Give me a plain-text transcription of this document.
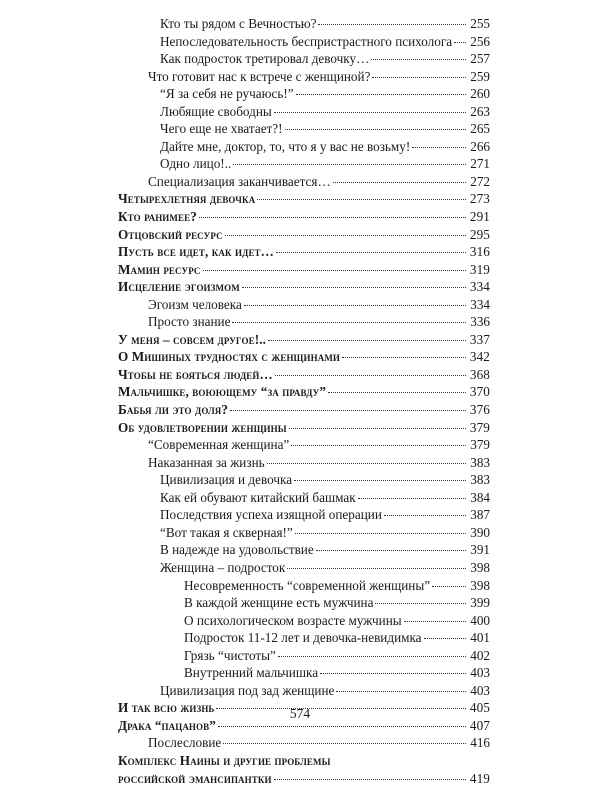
Кто ты рядом с Вечностью?	255
Непоследовательность беспристрастного психолога 256
Как подросток третировал девочку…	257
Что готовит нас к встрече с женщиной?	259
“Я за себя не ручаюсь!”	260
Любящие свободны	263
Чего еще не хватает?!	265
Дайте мне, доктор, то, что я у вас не возьму!	266
Одно лицо!..	271
Специализация заканчивается…	272
Четырехлетняя девочка	273
Кто ранимее?	291
Отцовский ресурс	295
Пусть все идет, как идет…	316
Мамин ресурс	319
Исцеление эгоизмом	334
Эгоизм человека	334
Просто знание	336
У меня – совсем другое!..	337
О Мишиных трудностях с женщинами	342
Чтобы не бояться людей…	368
Мальчишке, воюющему “за правду”	370
Бабья ли это доля?	376
Об удовлетворении женщины	379
“Современная женщина”	379
Наказанная за жизнь	383
Цивилизация и девочка	383
Как ей обувают китайский башмак	384
Последствия успеха изящной операции	387
“Вот такая я скверная!”	390
В надежде на удовольствие	391
Женщина – подросток	398
Несовременность “современной женщины”	398
В каждой женщине есть мужчина	399
О психологическом возрасте мужчины	400
Подросток 11-12 лет и девочка-невидимка	401
Грязь “чистоты”	402
Внутренний мальчишка	403
Цивилизация под зад женщине	403
И так всю жизнь	405
Драка “пацанов”	407
Послесловие	416
Комплекс Наины и другие проблемы
российской эмансипантки	419
574
